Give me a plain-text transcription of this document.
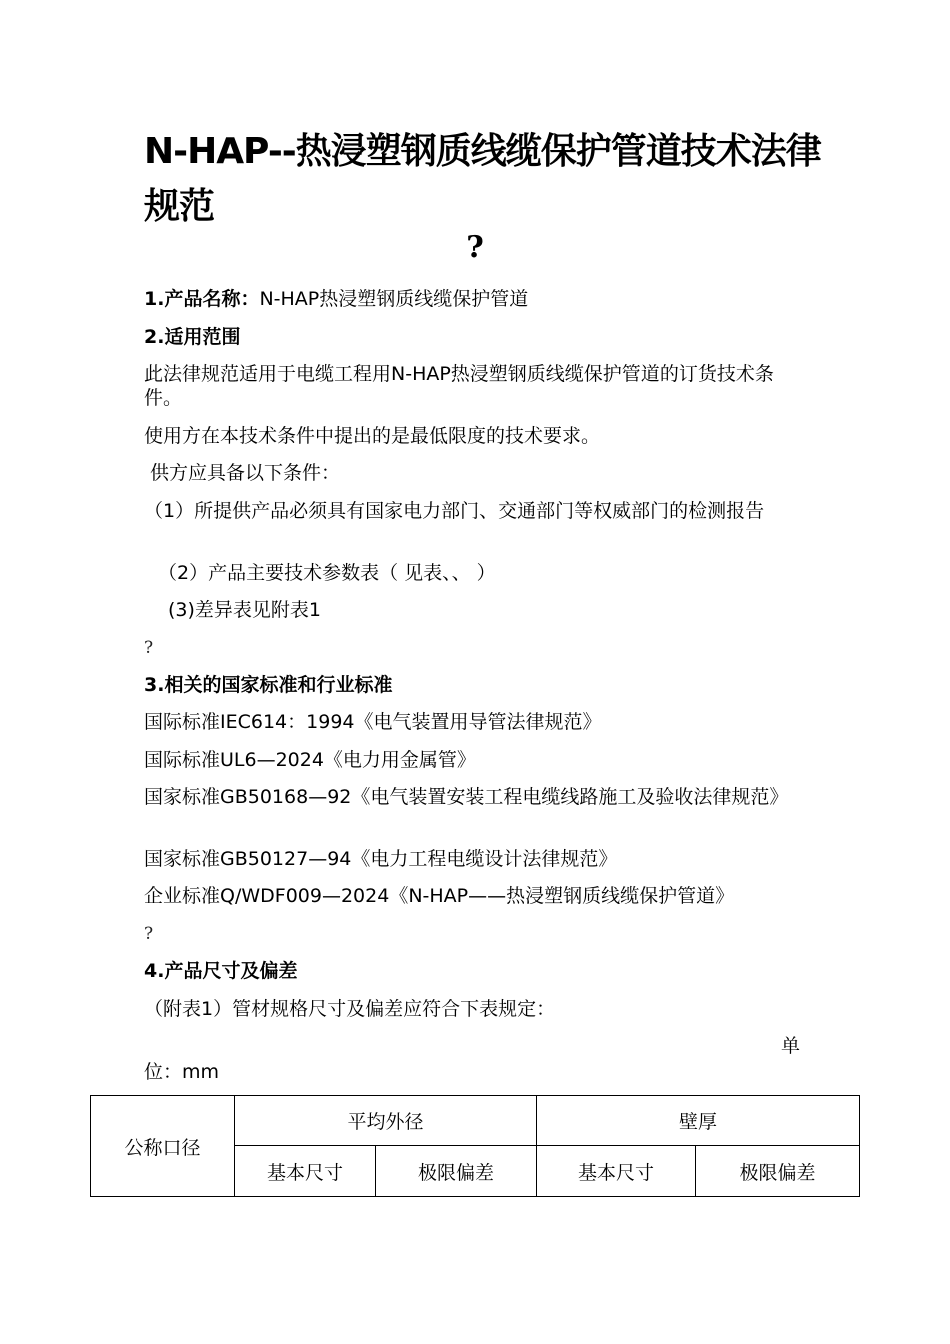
N-HAP--热浸塑钢质线缆保护管道技术法律规范
?
1.产品名称：N-HAP热浸塑钢质线缆保护管道
2.适用范围
此法律规范适用于电缆工程用N-HAP热浸塑钢质线缆保护管道的订货技术条件。
使用方在本技术条件中提出的是最低限度的技术要求。
供方应具备以下条件：
（1）所提供产品必须具有国家电力部门、交通部门等权威部门的检测报告
（2）产品主要技术参数表（ 见表、、 ）
(3)差异表见附表1
?
3.相关的国家标准和行业标准
国际标准IEC614：1994《电气装置用导管法律规范》
国际标准UL6—2024《电力用金属管》
国家标准GB50168—92《电气装置安装工程电缆线路施工及验收法律规范》
国家标准GB50127—94《电力工程电缆设计法律规范》
企业标准Q/WDF009—2024《N-HAP——热浸塑钢质线缆保护管道》
?
4.产品尺寸及偏差
（附表1）管材规格尺寸及偏差应符合下表规定：
单
位：mm
公称口径	平均外径		壁厚	
	基本尺寸	极限偏差	基本尺寸	极限偏差
